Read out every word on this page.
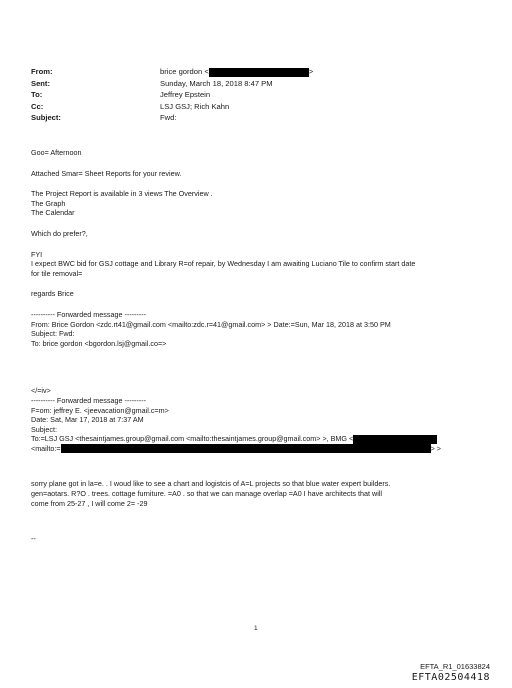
From:	brice gordon <	>
Sent:	Sunday, March 18, 2018 8:47 PM
To:	Jeffrey Epstein
Cc:	LSJ GSJ; Rich Kahn
Subject:	Fwd:
Goo= Afternoon
Attached Smar= Sheet Reports for your review.
The Project Report is available in 3 views The Overview .
The Graph
The Calendar
Which do prefer?,
FYI
I expect BWC bid for GSJ cottage and Library R=of repair, by Wednesday I am awaiting Luciano Tile to confirm start date
for tile removal=
regards Brice
---------- Forwarded message ---------
From: Brice Gordon <zdc.rt41@gmail.com <mailto:zdc.r=41@gmail.com> > Date:=Sun, Mar 18, 2018 at 3:50 PM
Subject: Fwd:
To: brice gordon <bgordon.lsj@gmail.co=>
</=iv>
---------- Forwarded message ---------
F=om: jeffrey E. <jeevacation@gmail.c=m>
Date: Sat, Mar 17, 2018 at 7:37 AM
Subject:
To:=LSJ GSJ <thesaintjames.group@gmail.com <mailto:thesaintjames.group@gmail.com> >, BMG <
<mailto:=	> >
sorry plane got in la=e. . I woud like to see a chart and logistcis of A=L projects so that blue water expert builders.
gen=aotars. R?O . trees. cottage furniture. =A0 . so that we can manage overlap =A0 I have architects that will
come from 25-27 , I will come 2= -29
--
1
EFTA_R1_01633824
EFTA02504418
